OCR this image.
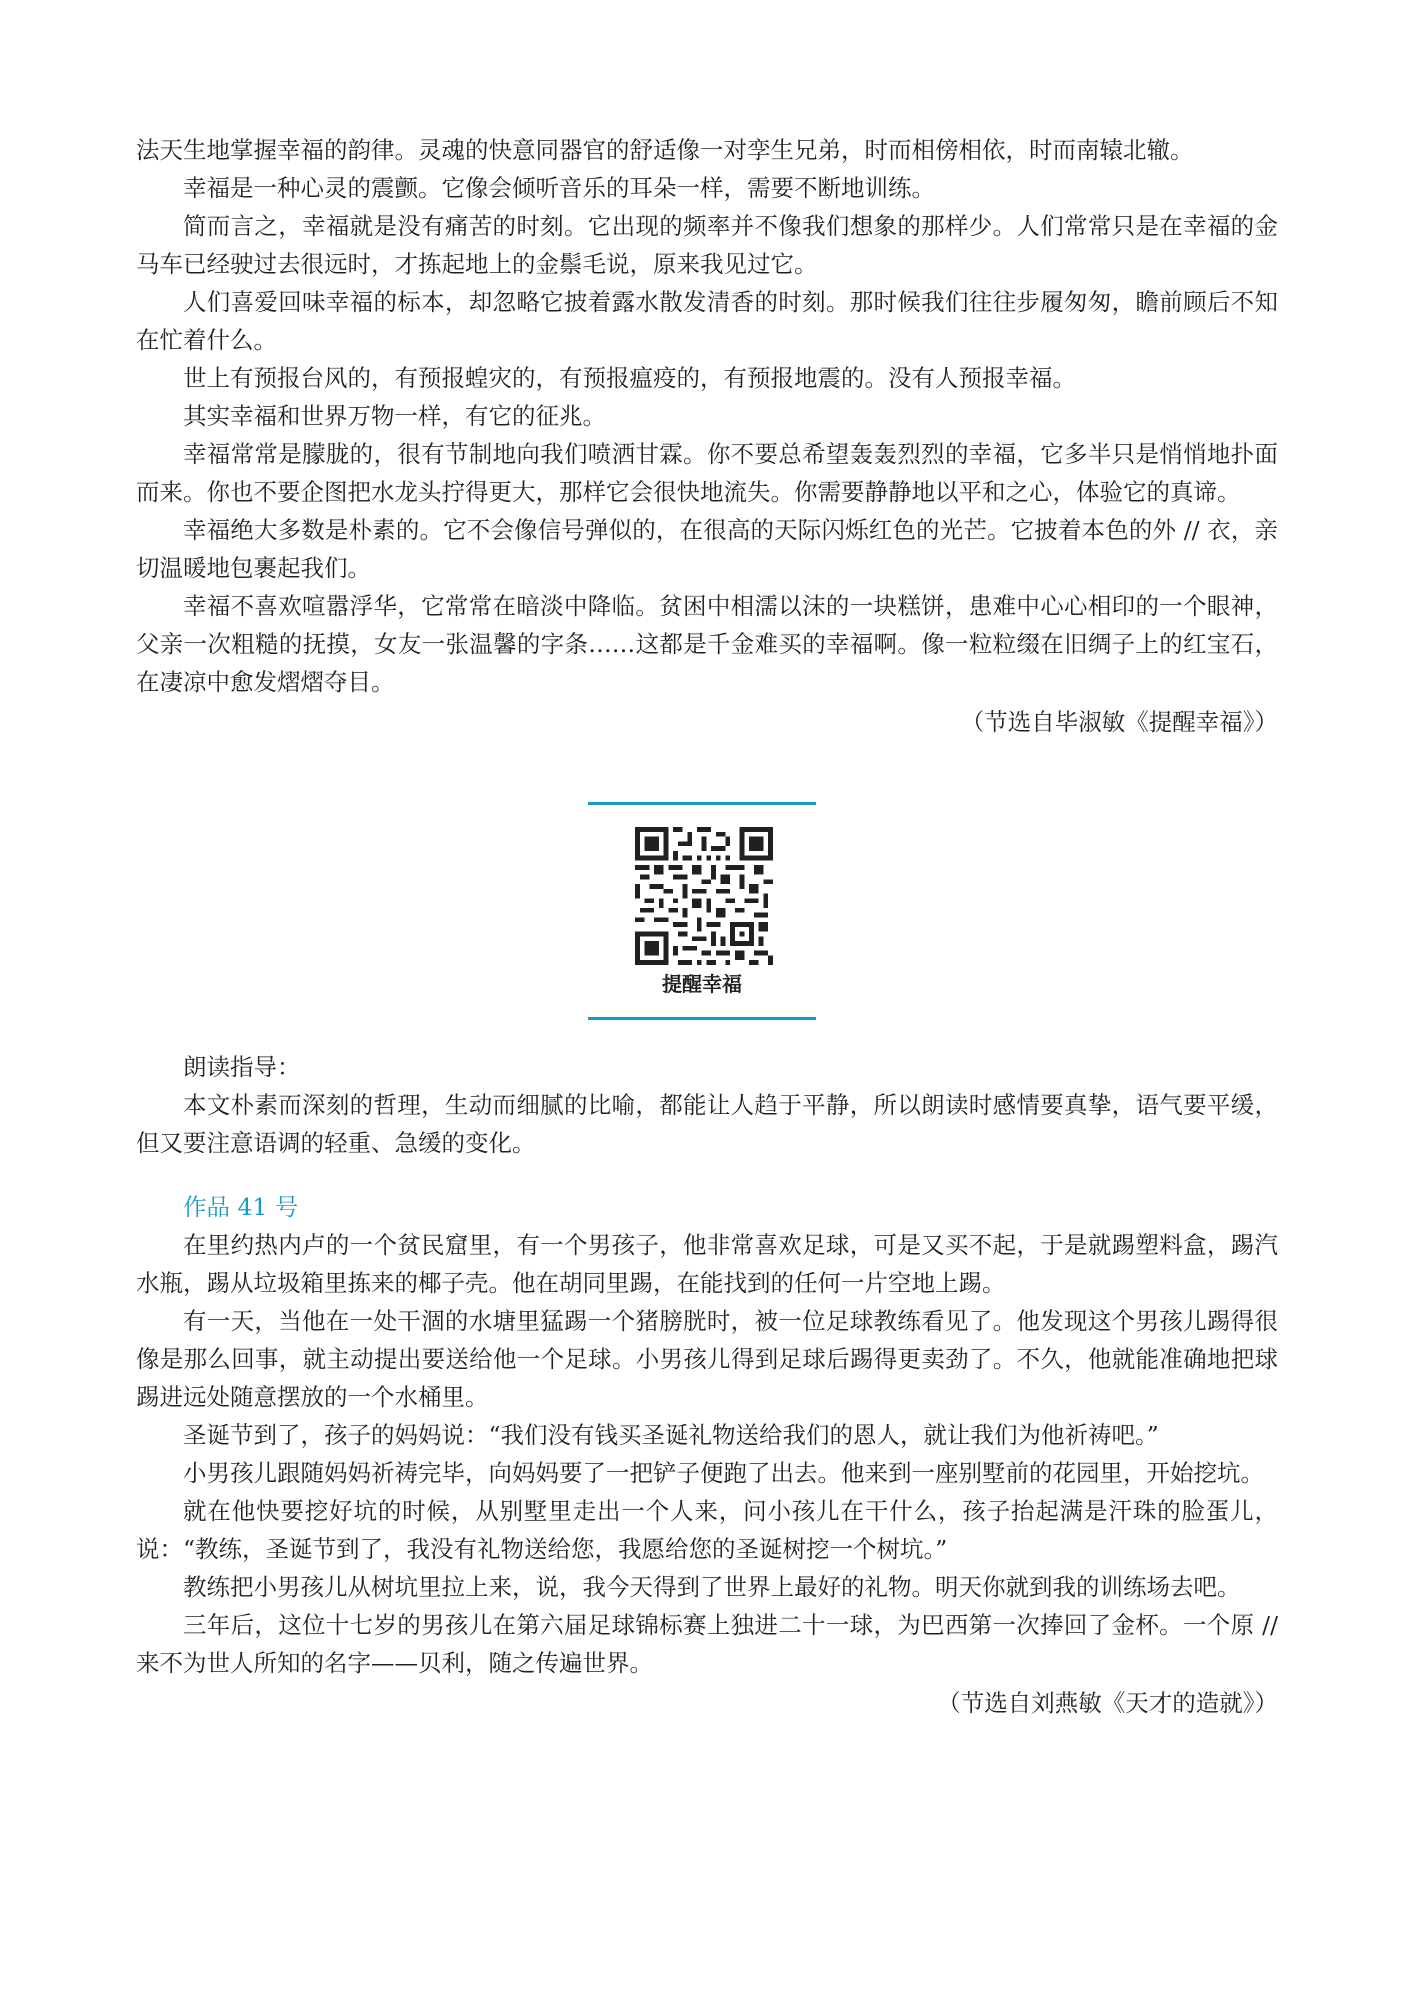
法天生地掌握幸福的韵律。灵魂的快意同器官的舒适像一对孪生兄弟，时而相傍相依，时而南辕北辙。

幸福是一种心灵的震颤。它像会倾听音乐的耳朵一样，需要不断地训练。

简而言之，幸福就是没有痛苦的时刻。它出现的频率并不像我们想象的那样少。人们常常只是在幸福的金马车已经驶过去很远时，才拣起地上的金鬃毛说，原来我见过它。

人们喜爱回味幸福的标本，却忽略它披着露水散发清香的时刻。那时候我们往往步履匆匆，瞻前顾后不知在忙着什么。

世上有预报台风的，有预报蝗灾的，有预报瘟疫的，有预报地震的。没有人预报幸福。

其实幸福和世界万物一样，有它的征兆。

幸福常常是朦胧的，很有节制地向我们喷洒甘霖。你不要总希望轰轰烈烈的幸福，它多半只是悄悄地扑面而来。你也不要企图把水龙头拧得更大，那样它会很快地流失。你需要静静地以平和之心，体验它的真谛。

幸福绝大多数是朴素的。它不会像信号弹似的，在很高的天际闪烁红色的光芒。它披着本色的外 // 衣，亲切温暖地包裹起我们。

幸福不喜欢喧嚣浮华，它常常在暗淡中降临。贫困中相濡以沫的一块糕饼，患难中心心相印的一个眼神，父亲一次粗糙的抚摸，女友一张温馨的字条……这都是千金难买的幸福啊。像一粒粒缀在旧绸子上的红宝石，在凄凉中愈发熠熠夺目。

（节选自毕淑敏《提醒幸福》）

提醒幸福

朗读指导：

本文朴素而深刻的哲理，生动而细腻的比喻，都能让人趋于平静，所以朗读时感情要真挚，语气要平缓，但又要注意语调的轻重、急缓的变化。

作品 41 号

在里约热内卢的一个贫民窟里，有一个男孩子，他非常喜欢足球，可是又买不起，于是就踢塑料盒，踢汽水瓶，踢从垃圾箱里拣来的椰子壳。他在胡同里踢，在能找到的任何一片空地上踢。

有一天，当他在一处干涸的水塘里猛踢一个猪膀胱时，被一位足球教练看见了。他发现这个男孩儿踢得很像是那么回事，就主动提出要送给他一个足球。小男孩儿得到足球后踢得更卖劲了。不久，他就能准确地把球踢进远处随意摆放的一个水桶里。

圣诞节到了，孩子的妈妈说：“我们没有钱买圣诞礼物送给我们的恩人，就让我们为他祈祷吧。”

小男孩儿跟随妈妈祈祷完毕，向妈妈要了一把铲子便跑了出去。他来到一座别墅前的花园里，开始挖坑。

就在他快要挖好坑的时候，从别墅里走出一个人来，问小孩儿在干什么，孩子抬起满是汗珠的脸蛋儿，说：“教练，圣诞节到了，我没有礼物送给您，我愿给您的圣诞树挖一个树坑。”

教练把小男孩儿从树坑里拉上来，说，我今天得到了世界上最好的礼物。明天你就到我的训练场去吧。

三年后，这位十七岁的男孩儿在第六届足球锦标赛上独进二十一球，为巴西第一次捧回了金杯。一个原 // 来不为世人所知的名字——贝利，随之传遍世界。

（节选自刘燕敏《天才的造就》）
